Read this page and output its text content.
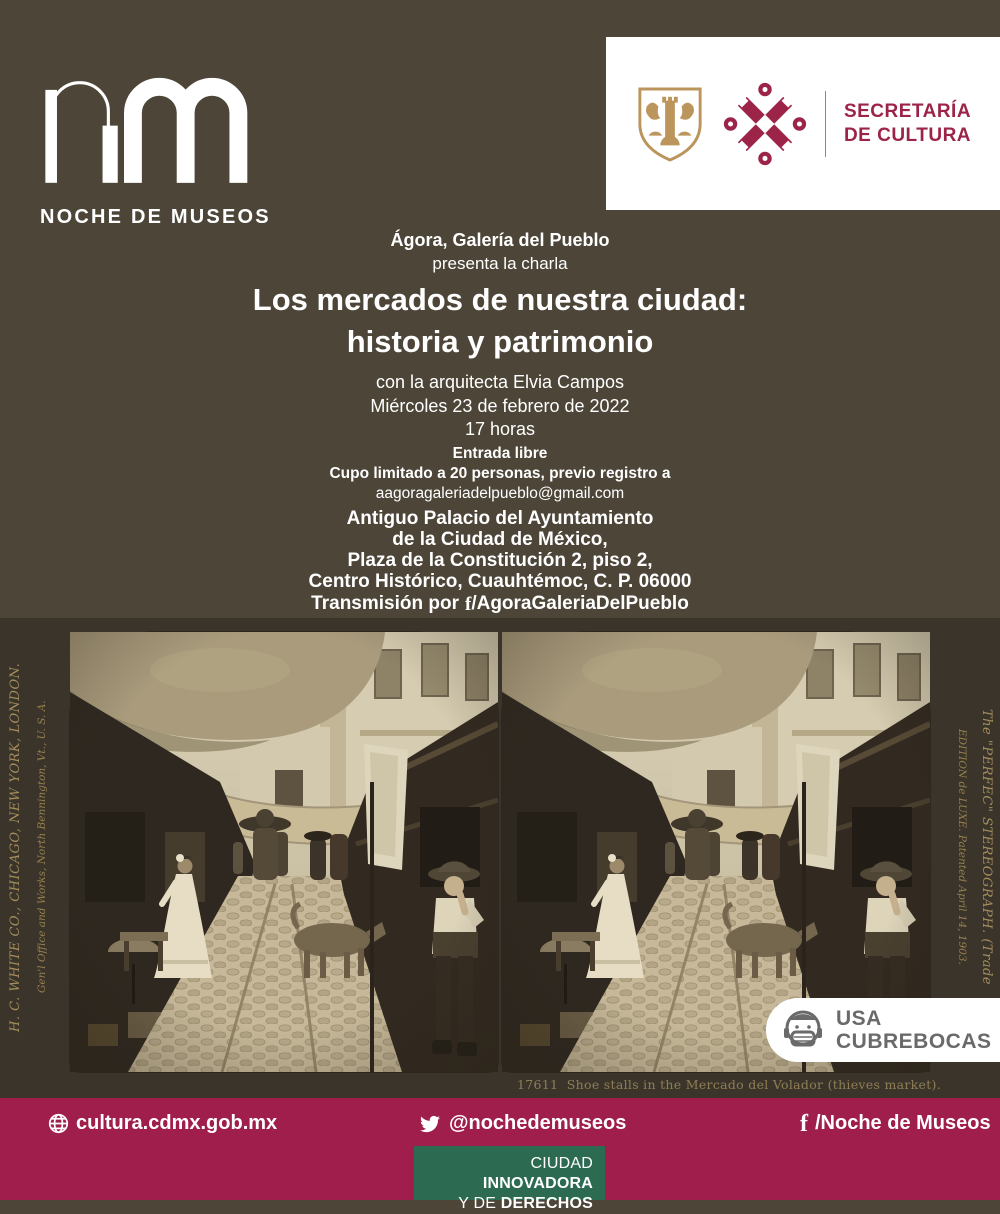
NOCHE DE MUSEOS
SECRETARÍA
DE CULTURA
Ágora, Galería del Pueblo
presenta la charla
Los mercados de nuestra ciudad:
historia y patrimonio
con la arquitecta Elvia Campos
Miércoles 23 de febrero de 2022
17 horas
Entrada libre
Cupo limitado a 20 personas, previo registro a
aagoragaleriadelpueblo@gmail.com
Antiguo Palacio del Ayuntamiento
de la Ciudad de México,
Plaza de la Constitución 2, piso 2,
Centro Histórico, Cuauhtémoc, C. P. 06000
Transmisión por f/AgoraGaleriaDelPueblo
H. C. WHITE CO., CHICAGO, NEW YORK, LONDON. Gen'l Office and Works, North Bennington, Vt., U. S. A.	The "PERFEC" STEREOGRAPH. (Trade
EDITION de LUXE. Patented April 14, 1903.
17611  Shoe stalls in the Mercado del Volador (thieves market).
USA
CUBREBOCAS
cultura.cdmx.gob.mx	@nochedemuseos	f /Noche de Museos
CIUDAD INNOVADORA
Y DE DERECHOS
